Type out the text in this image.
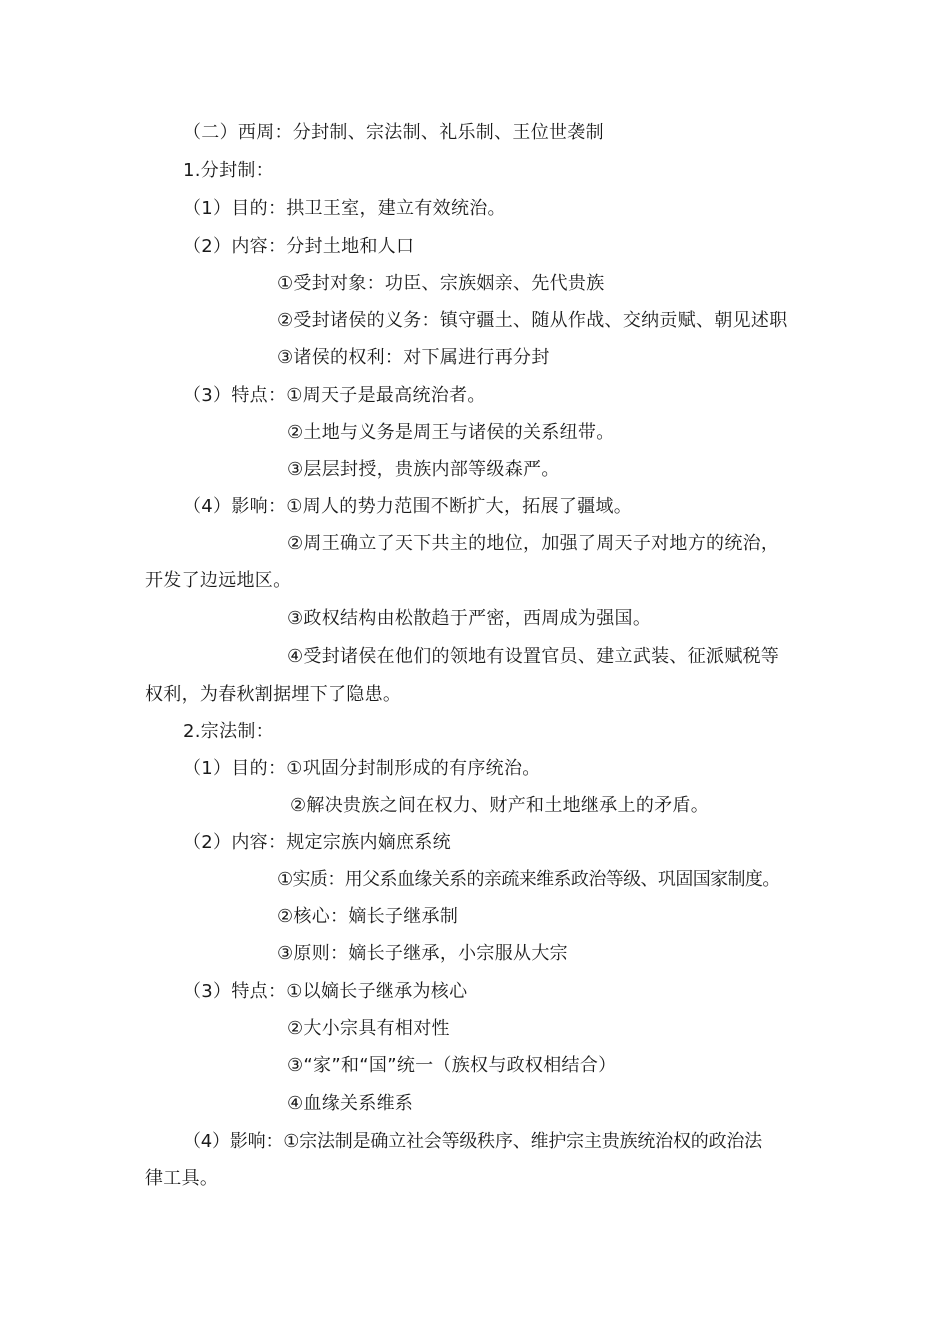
（二）西周：分封制、宗法制、礼乐制、王位世袭制
1.分封制：
（1）目的：拱卫王室，建立有效统治。
（2）内容：分封土地和人口
①受封对象：功臣、宗族姻亲、先代贵族
②受封诸侯的义务：镇守疆土、随从作战、交纳贡赋、朝见述职
③诸侯的权利：对下属进行再分封
（3）特点：①周天子是最高统治者。
②土地与义务是周王与诸侯的关系纽带。
③层层封授，贵族内部等级森严。
（4）影响：①周人的势力范围不断扩大，拓展了疆域。
②周王确立了天下共主的地位，加强了周天子对地方的统治，
开发了边远地区。
③政权结构由松散趋于严密，西周成为强国。
④受封诸侯在他们的领地有设置官员、建立武装、征派赋税等
权利，为春秋割据埋下了隐患。
2.宗法制：
（1）目的：①巩固分封制形成的有序统治。
②解决贵族之间在权力、财产和土地继承上的矛盾。
（2）内容：规定宗族内嫡庶系统
①实质：用父系血缘关系的亲疏来维系政治等级、巩固国家制度。
②核心：嫡长子继承制
③原则：嫡长子继承，小宗服从大宗
（3）特点：①以嫡长子继承为核心
②大小宗具有相对性
③“家”和“国”统一（族权与政权相结合）
④血缘关系维系
（4）影响：①宗法制是确立社会等级秩序、维护宗主贵族统治权的政治法
律工具。
